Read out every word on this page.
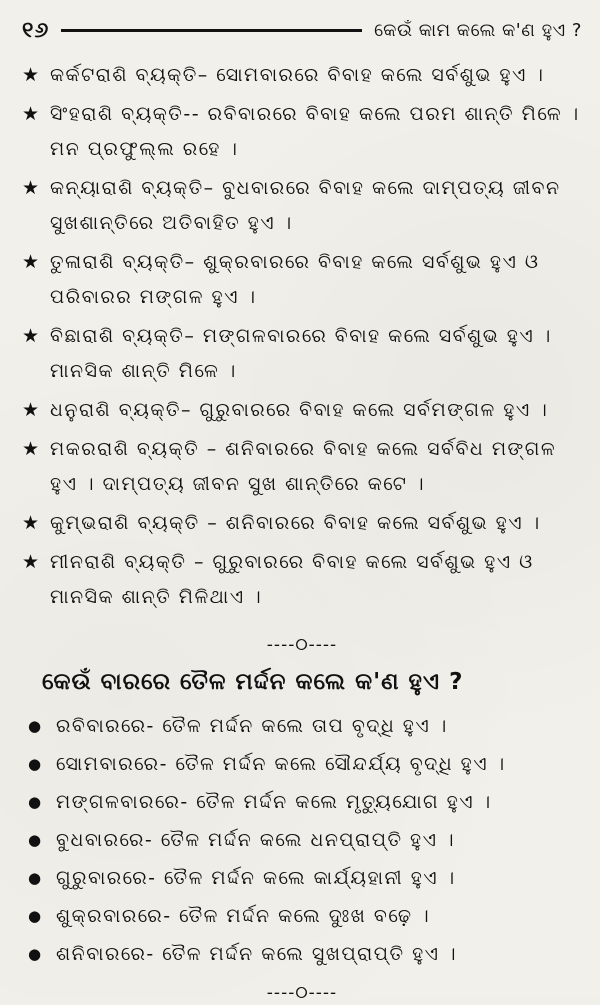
୧୬	କେଉଁ କାମ କଲେ କ'ଣ ହୁଏ ?
★ କର୍କଟରାଶି ବ୍ୟକ୍ତି– ସୋମବାରରେ ବିବାହ କଲେ ସର୍ବଶୁଭ ହୁଏ ।
★ ସିଂହରାଶି ବ୍ୟକ୍ତି-- ରବିବାରରେ ବିବାହ କଲେ ପରମ ଶାନ୍ତି ମିଳେ । ମନ ପ୍ରଫୁଲ୍ଲ ରହେ ।
★ କନ୍ୟାରାଶି ବ୍ୟକ୍ତି– ବୁଧବାରରେ ବିବାହ କଲେ ଦାମ୍ପତ୍ୟ ଜୀବନ ସୁଖଶାନ୍ତିରେ ଅତିବାହିତ ହୁଏ ।
★ ତୁଳାରାଶି ବ୍ୟକ୍ତି– ଶୁକ୍ରବାରରେ ବିବାହ କଲେ ସର୍ବଶୁଭ ହୁଏ ଓ ପରିବାରର ମଙ୍ଗଳ ହୁଏ ।
★ ବିଛାରାଶି ବ୍ୟକ୍ତି– ମଙ୍ଗଳବାରରେ ବିବାହ କଲେ ସର୍ବଶୁଭ ହୁଏ । ମାନସିକ ଶାନ୍ତି ମିଳେ ।
★ ଧନୁରାଶି ବ୍ୟକ୍ତି– ଗୁରୁବାରରେ ବିବାହ କଲେ ସର୍ବମଙ୍ଗଳ ହୁଏ ।
★ ମକରରାଶି ବ୍ୟକ୍ତି – ଶନିବାରରେ ବିବାହ କଲେ ସର୍ବବିଧ ମଙ୍ଗଳ ହୁଏ । ଦାମ୍ପତ୍ୟ ଜୀବନ ସୁଖ ଶାନ୍ତିରେ କଟେ ।
★ କୁମ୍ଭରାଶି ବ୍ୟକ୍ତି – ଶନିବାରରେ ବିବାହ କଲେ ସର୍ବଶୁଭ ହୁଏ ।
★ ମୀନରାଶି ବ୍ୟକ୍ତି – ଗୁରୁବାରରେ ବିବାହ କଲେ ସର୍ବଶୁଭ ହୁଏ ଓ ମାନସିକ ଶାନ୍ତି ମିଳିଥାଏ ।
----୦----
କେଉଁ ବାରରେ ତୈଳ ମର୍ଦ୍ଦନ କଲେ କ'ଣ ହୁଏ ?
● ରବିବାରରେ- ତୈଳ ମର୍ଦ୍ଦନ କଲେ ତାପ ବୃଦ୍ଧି ହୁଏ ।
● ସୋମବାରରେ- ତୈଳ ମର୍ଦ୍ଦନ କଲେ ସୌନ୍ଦର୍ଯ୍ୟ ବୃଦ୍ଧି ହୁଏ ।
● ମଙ୍ଗଳବାରରେ- ତୈଳ ମର୍ଦ୍ଦନ କଲେ ମୃତ୍ୟୁଯୋଗ ହୁଏ ।
● ବୁଧବାରରେ- ତୈଳ ମର୍ଦ୍ଦନ କଲେ ଧନପ୍ରାପ୍ତି ହୁଏ ।
● ଗୁରୁବାରରେ- ତୈଳ ମର୍ଦ୍ଦନ କଲେ କାର୍ଯ୍ୟହାନୀ ହୁଏ ।
● ଶୁକ୍ରବାରରେ- ତୈଳ ମର୍ଦ୍ଦନ କଲେ ଦୁଃଖ ବଢ଼େ ।
● ଶନିବାରରେ- ତୈଳ ମର୍ଦ୍ଦନ କଲେ ସୁଖପ୍ରାପ୍ତି ହୁଏ ।
----୦----
